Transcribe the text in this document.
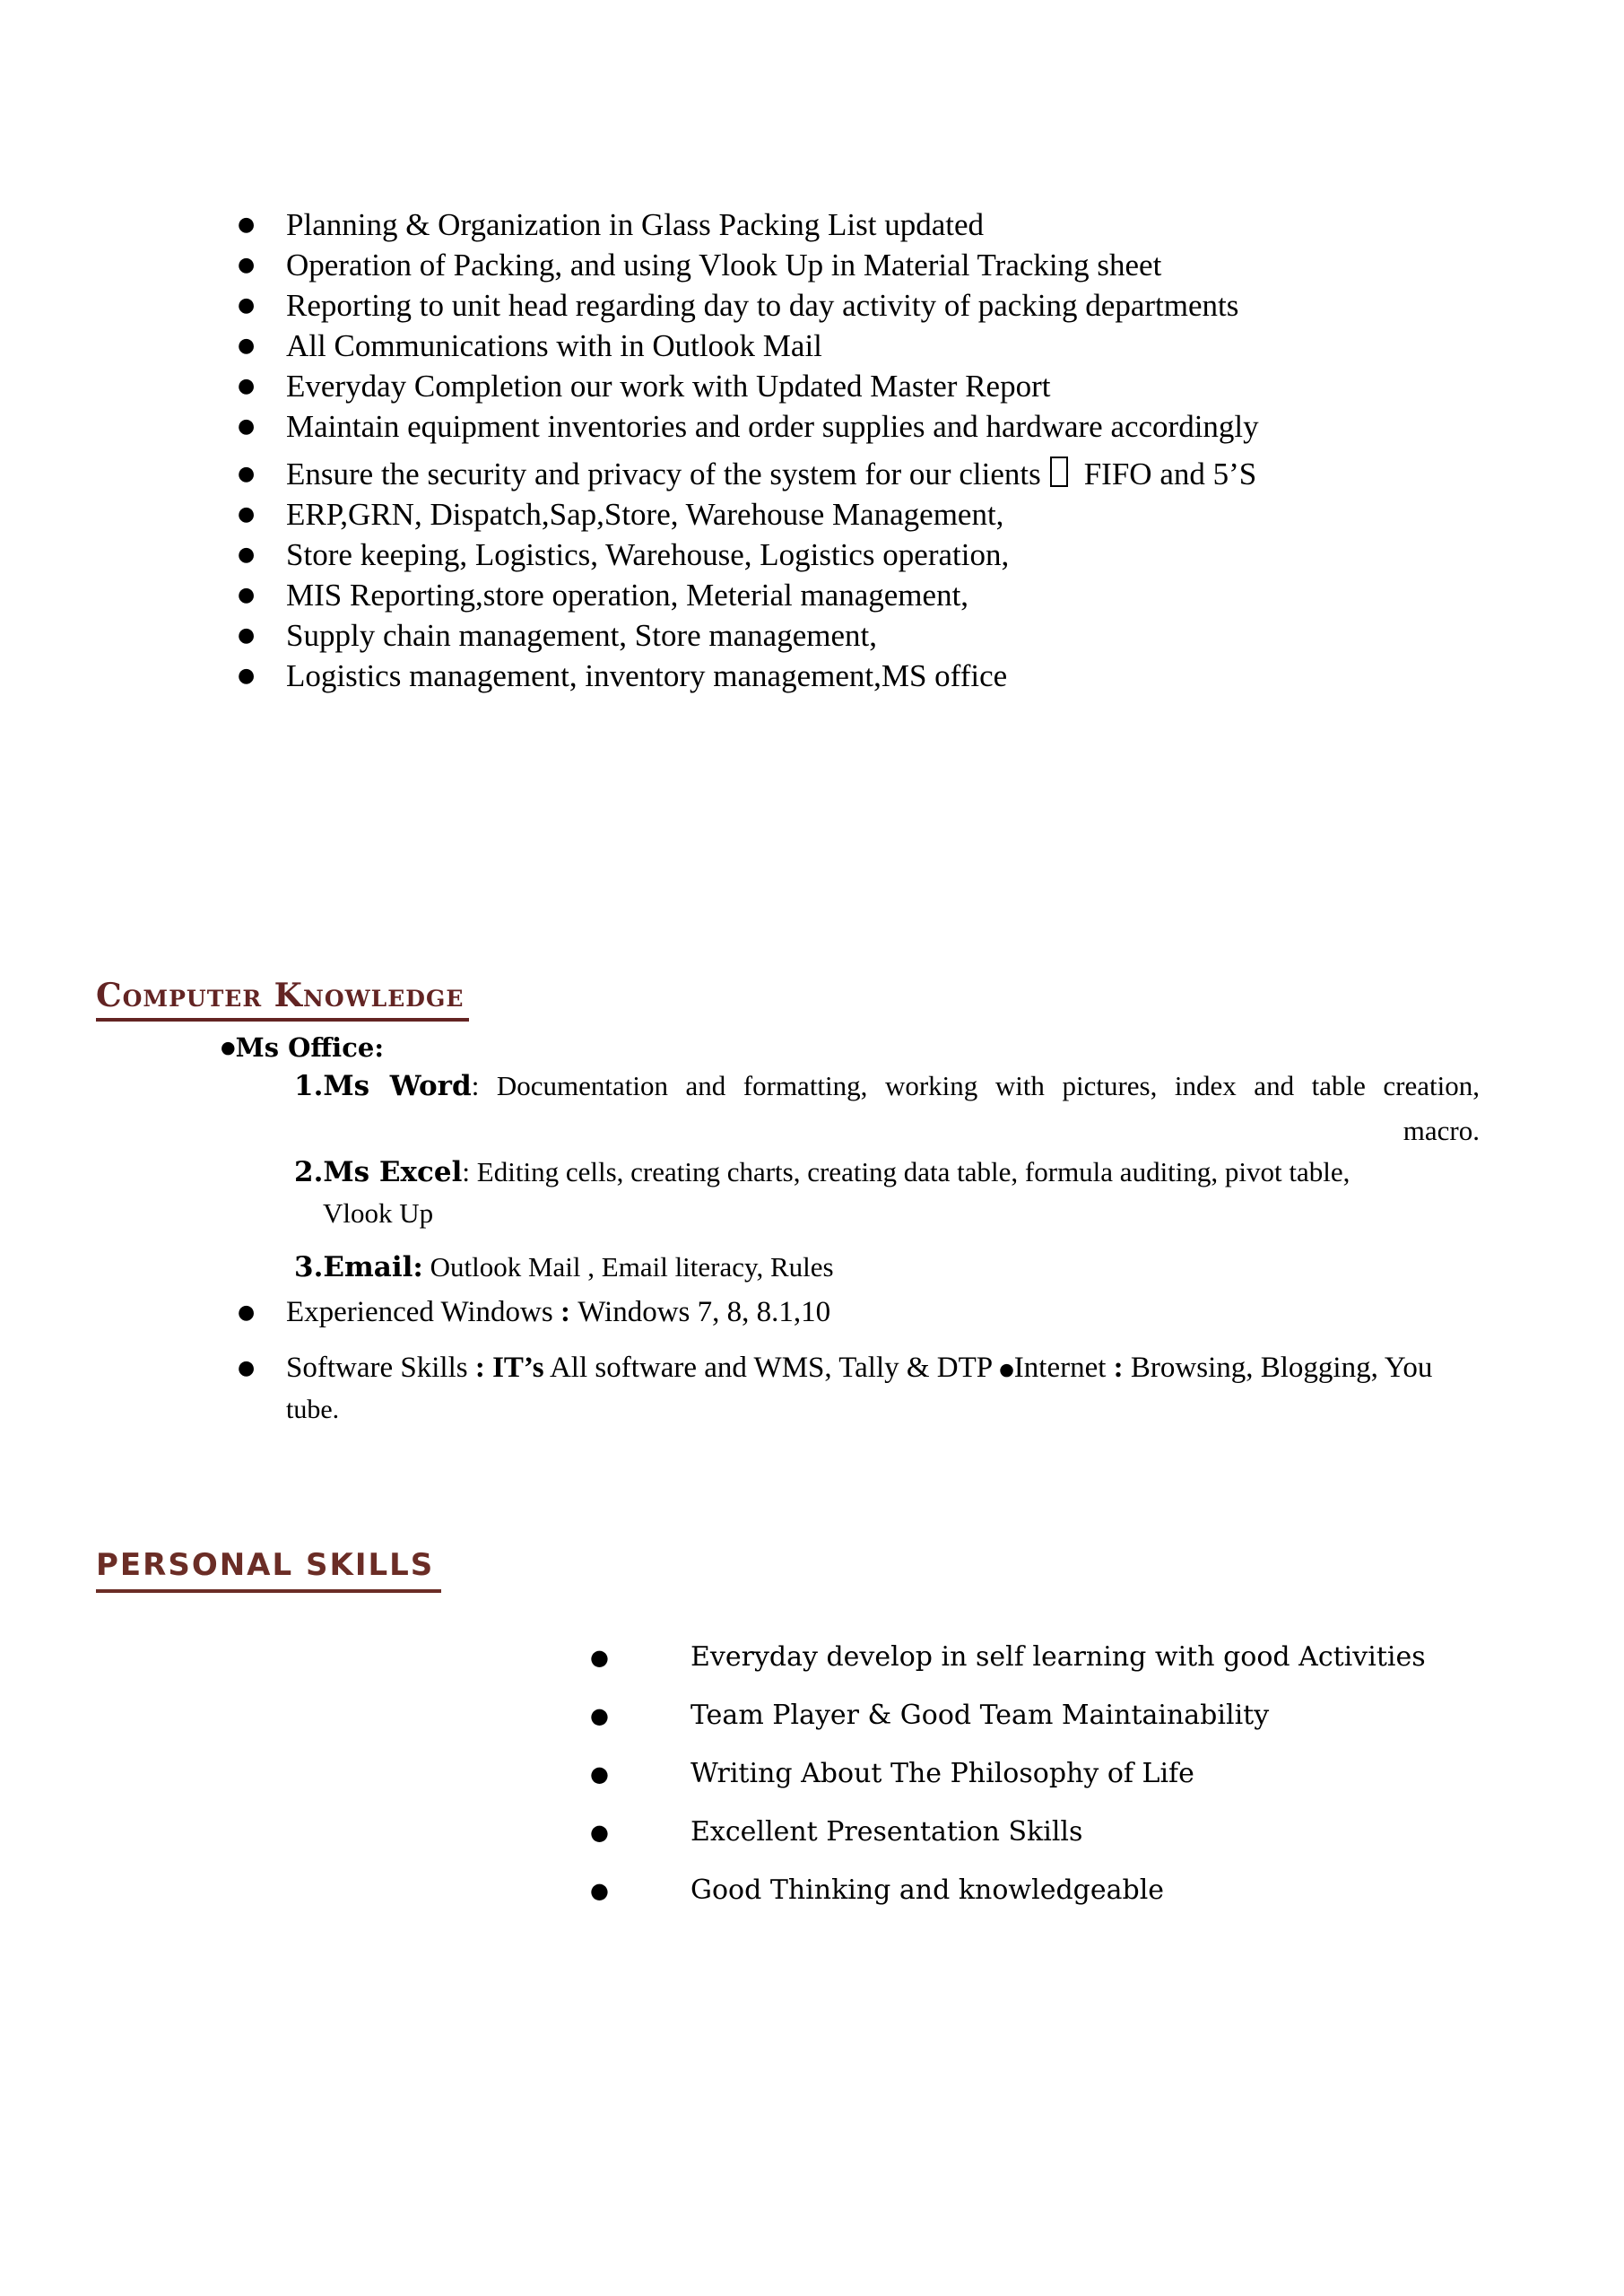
● Planning & Organization in Glass Packing List updated
● Operation of Packing, and using Vlook Up in Material Tracking sheet
● Reporting to unit head regarding day to day activity of packing departments
● All Communications with in Outlook Mail
● Everyday Completion our work with Updated Master Report
● Maintain equipment inventories and order supplies and hardware accordingly
● Ensure the security and privacy of the system for our clients FIFO and 5’S
● ERP,GRN, Dispatch,Sap,Store, Warehouse Management,
● Store keeping, Logistics, Warehouse, Logistics operation,
● MIS Reporting,store operation, Meterial management,
● Supply chain management, Store management,
● Logistics management, inventory management,MS office
Computer Knowledge
●Ms Office:
1.Ms Word: Documentation and formatting, working with pictures, index and table creation,
macro.
2.Ms Excel: Editing cells, creating charts, creating data table, formula auditing, pivot table,
Vlook Up
3.Email: Outlook Mail , Email literacy, Rules
●	Experienced Windows : Windows 7, 8, 8.1,10
●	Software Skills : IT’s All software and WMS, Tally & DTP ●Internet : Browsing, Blogging, You
tube.
PERSONAL SKILLS
●	Everyday develop in self learning with good Activities
●	Team Player & Good Team Maintainability
●	Writing About The Philosophy of Life
●	Excellent Presentation Skills
●	Good Thinking and knowledgeable
